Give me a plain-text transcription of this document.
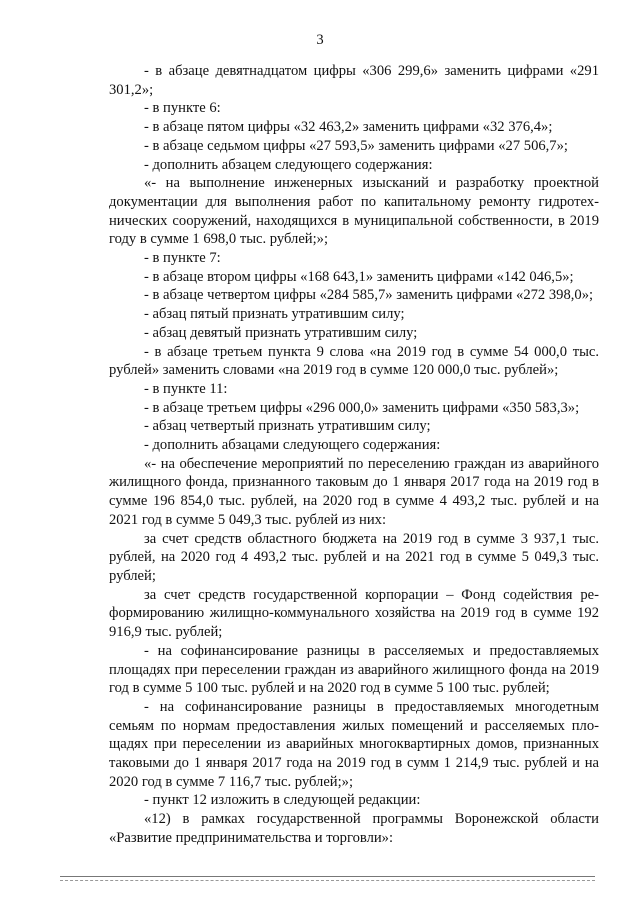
3

- в абзаце девятнадцатом цифры «306 299,6» заменить цифрами «291 301,2»;

- в пункте 6:

- в абзаце пятом цифры «32 463,2» заменить цифрами «32 376,4»;

- в абзаце седьмом цифры «27 593,5» заменить цифрами «27 506,7»;

- дополнить абзацем следующего содержания:

«- на выполнение инженерных изысканий и разработку проектной документации для выполнения работ по капитальному ремонту гидротехнических сооружений, находящихся в муниципальной собственности, в 2019 году в сумме 1 698,0 тыс. рублей;»;

- в пункте 7:

- в абзаце втором цифры «168 643,1» заменить цифрами «142 046,5»;

- в абзаце четвертом цифры «284 585,7» заменить цифрами «272 398,0»;

- абзац пятый признать утратившим силу;

- абзац девятый признать утратившим силу;

- в абзаце третьем пункта 9 слова «на 2019 год в сумме 54 000,0 тыс. рублей» заменить словами «на 2019 год в сумме 120 000,0 тыс. рублей»;

- в пункте 11:

- в абзаце третьем цифры «296 000,0» заменить цифрами «350 583,3»;

- абзац четвертый признать утратившим силу;

- дополнить абзацами следующего содержания:

«- на обеспечение мероприятий по переселению граждан из аварийного жилищного фонда, признанного таковым до 1 января 2017 года на 2019 год в сумме 196 854,0 тыс. рублей, на 2020 год в сумме 4 493,2 тыс. рублей и на 2021 год в сумме 5 049,3 тыс. рублей из них:

за счет средств областного бюджета на 2019 год в сумме 3 937,1 тыс. рублей, на 2020 год 4 493,2 тыс. рублей и на 2021 год в сумме 5 049,3 тыс. рублей;

за счет средств государственной корпорации – Фонд содействия реформированию жилищно-коммунального хозяйства на 2019 год в сумме 192 916,9 тыс. рублей;

- на софинансирование разницы в расселяемых и предоставляемых площадях при переселении граждан из аварийного жилищного фонда на 2019 год в сумме 5 100 тыс. рублей и на 2020 год в сумме 5 100 тыс. рублей;

- на софинансирование разницы в предоставляемых многодетным семьям по нормам предоставления жилых помещений и расселяемых площадях при переселении из аварийных многоквартирных домов, признанных таковыми до 1 января 2017 года на 2019 год в сумм 1 214,9 тыс. рублей и на 2020 год в сумме 7 116,7 тыс. рублей;»;

- пункт 12 изложить в следующей редакции:

«12) в рамках государственной программы Воронежской области «Развитие предпринимательства и торговли»:
